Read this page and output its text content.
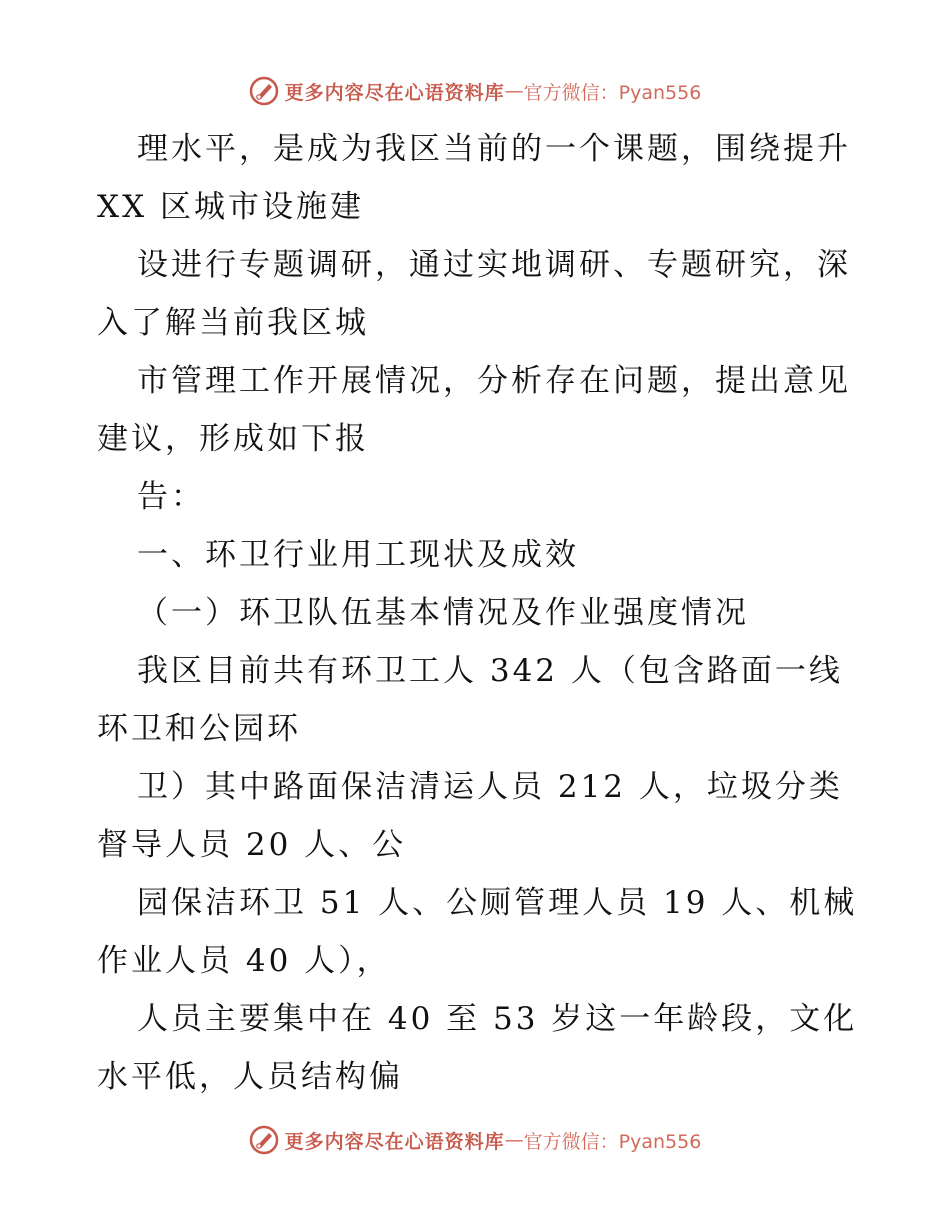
更多内容尽在心语资料库 — 官方微信：Pyan556
理水平，是成为我区当前的一个课题，围绕提升
XX 区城市设施建
设进行专题调研，通过实地调研、专题研究，深
入了解当前我区城
市管理工作开展情况，分析存在问题，提出意见
建议，形成如下报
告：
一、环卫行业用工现状及成效
（一）环卫队伍基本情况及作业强度情况
我区目前共有环卫工人 342 人（包含路面一线
环卫和公园环
卫）其中路面保洁清运人员 212 人，垃圾分类
督导人员 20 人、公
园保洁环卫 51 人、公厕管理人员 19 人、机械
作业人员 40 人），
人员主要集中在 40 至 53 岁这一年龄段，文化
水平低，人员结构偏
更多内容尽在心语资料库 — 官方微信：Pyan556
